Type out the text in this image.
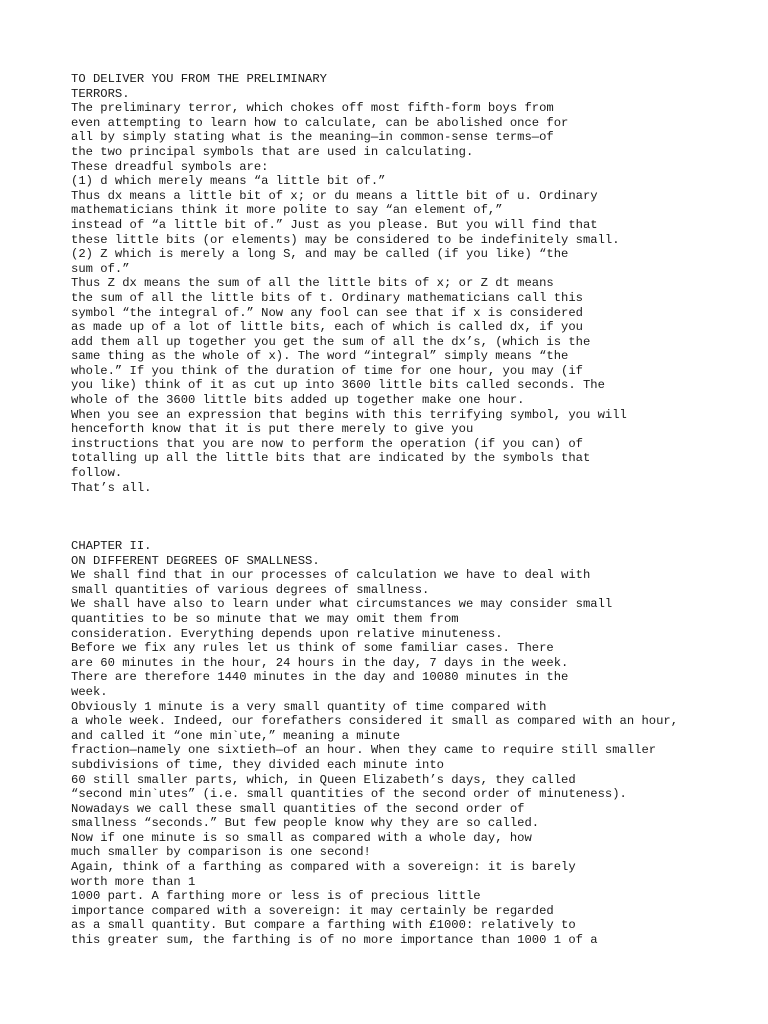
TO DELIVER YOU FROM THE PRELIMINARY
TERRORS.
The preliminary terror, which chokes off most fifth-form boys from
even attempting to learn how to calculate, can be abolished once for
all by simply stating what is the meaning—in common-sense terms—of
the two principal symbols that are used in calculating.
These dreadful symbols are:
(1) d which merely means “a little bit of.”
Thus dx means a little bit of x; or du means a little bit of u. Ordinary
mathematicians think it more polite to say “an element of,”
instead of “a little bit of.” Just as you please. But you will find that
these little bits (or elements) may be considered to be indefinitely small.
(2) Z which is merely a long S, and may be called (if you like) “the
sum of.”
Thus Z dx means the sum of all the little bits of x; or Z dt means
the sum of all the little bits of t. Ordinary mathematicians call this
symbol “the integral of.” Now any fool can see that if x is considered
as made up of a lot of little bits, each of which is called dx, if you
add them all up together you get the sum of all the dx’s, (which is the
same thing as the whole of x). The word “integral” simply means “the
whole.” If you think of the duration of time for one hour, you may (if
you like) think of it as cut up into 3600 little bits called seconds. The
whole of the 3600 little bits added up together make one hour.
When you see an expression that begins with this terrifying symbol, you will
henceforth know that it is put there merely to give you
instructions that you are now to perform the operation (if you can) of
totalling up all the little bits that are indicated by the symbols that
follow.
That’s all.
CHAPTER II.
ON DIFFERENT DEGREES OF SMALLNESS.
We shall find that in our processes of calculation we have to deal with
small quantities of various degrees of smallness.
We shall have also to learn under what circumstances we may consider small
quantities to be so minute that we may omit them from
consideration. Everything depends upon relative minuteness.
Before we fix any rules let us think of some familiar cases. There
are 60 minutes in the hour, 24 hours in the day, 7 days in the week.
There are therefore 1440 minutes in the day and 10080 minutes in the
week.
Obviously 1 minute is a very small quantity of time compared with
a whole week. Indeed, our forefathers considered it small as compared with an hour,
and called it “one min`ute,” meaning a minute
fraction—namely one sixtieth—of an hour. When they came to require still smaller
subdivisions of time, they divided each minute into
60 still smaller parts, which, in Queen Elizabeth’s days, they called
“second min`utes” (i.e. small quantities of the second order of minuteness).
Nowadays we call these small quantities of the second order of
smallness “seconds.” But few people know why they are so called.
Now if one minute is so small as compared with a whole day, how
much smaller by comparison is one second!
Again, think of a farthing as compared with a sovereign: it is barely
worth more than 1
1000 part. A farthing more or less is of precious little
importance compared with a sovereign: it may certainly be regarded
as a small quantity. But compare a farthing with £1000: relatively to
this greater sum, the farthing is of no more importance than 1000 1 of a
